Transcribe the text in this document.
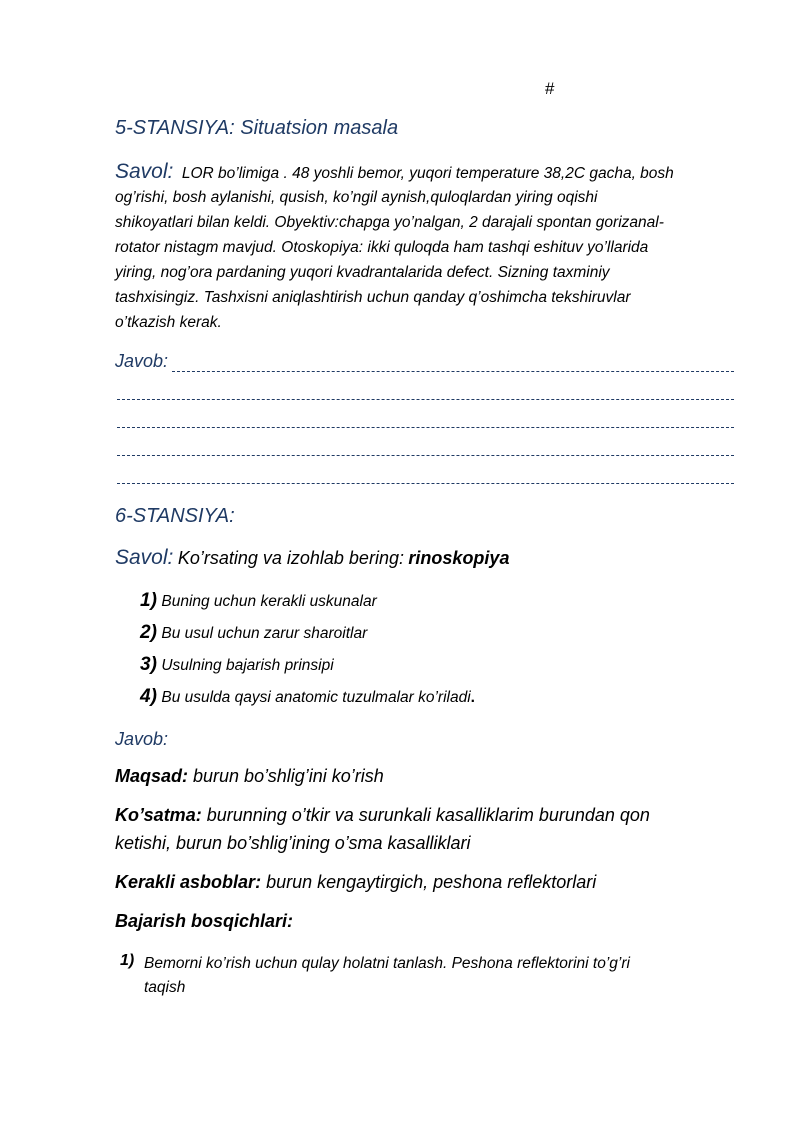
#
5-STANSIYA: Situatsion masala
Savol: LOR bo’limiga . 48 yoshli bemor, yuqori temperature 38,2C gacha, bosh
og’rishi, bosh aylanishi, qusish, ko’ngil aynish,quloqlardan yiring oqishi
shikoyatlari bilan keldi. Obyektiv:chapga yo’nalgan, 2 darajali spontan gorizanal-
rotator nistagm mavjud. Otoskopiya: ikki quloqda ham tashqi eshituv yo’llarida
yiring, nog’ora pardaning yuqori kvadrantalarida defect. Sizning taxminiy
tashxisingiz. Tashxisni aniqlashtirish uchun qanday q’oshimcha tekshiruvlar
o’tkazish kerak.
Javob:
6-STANSIYA:
Savol: Ko’rsating va izohlab bering: rinoskopiya
1) Buning uchun kerakli uskunalar
2) Bu usul uchun zarur sharoitlar
3) Usulning bajarish prinsipi
4) Bu usulda qaysi anatomic tuzulmalar ko’riladi.
Javob:
Maqsad: burun bo’shlig’ini ko’rish
Ko’satma: burunning o’tkir va surunkali kasalliklarim burundan qon
ketishi, burun bo’shlig’ining o’sma kasalliklari
Kerakli asboblar: burun kengaytirgich, peshona reflektorlari
Bajarish bosqichlari:
1) Bemorni ko’rish uchun qulay holatni tanlash. Peshona reflektorini to’g’ri
taqish
